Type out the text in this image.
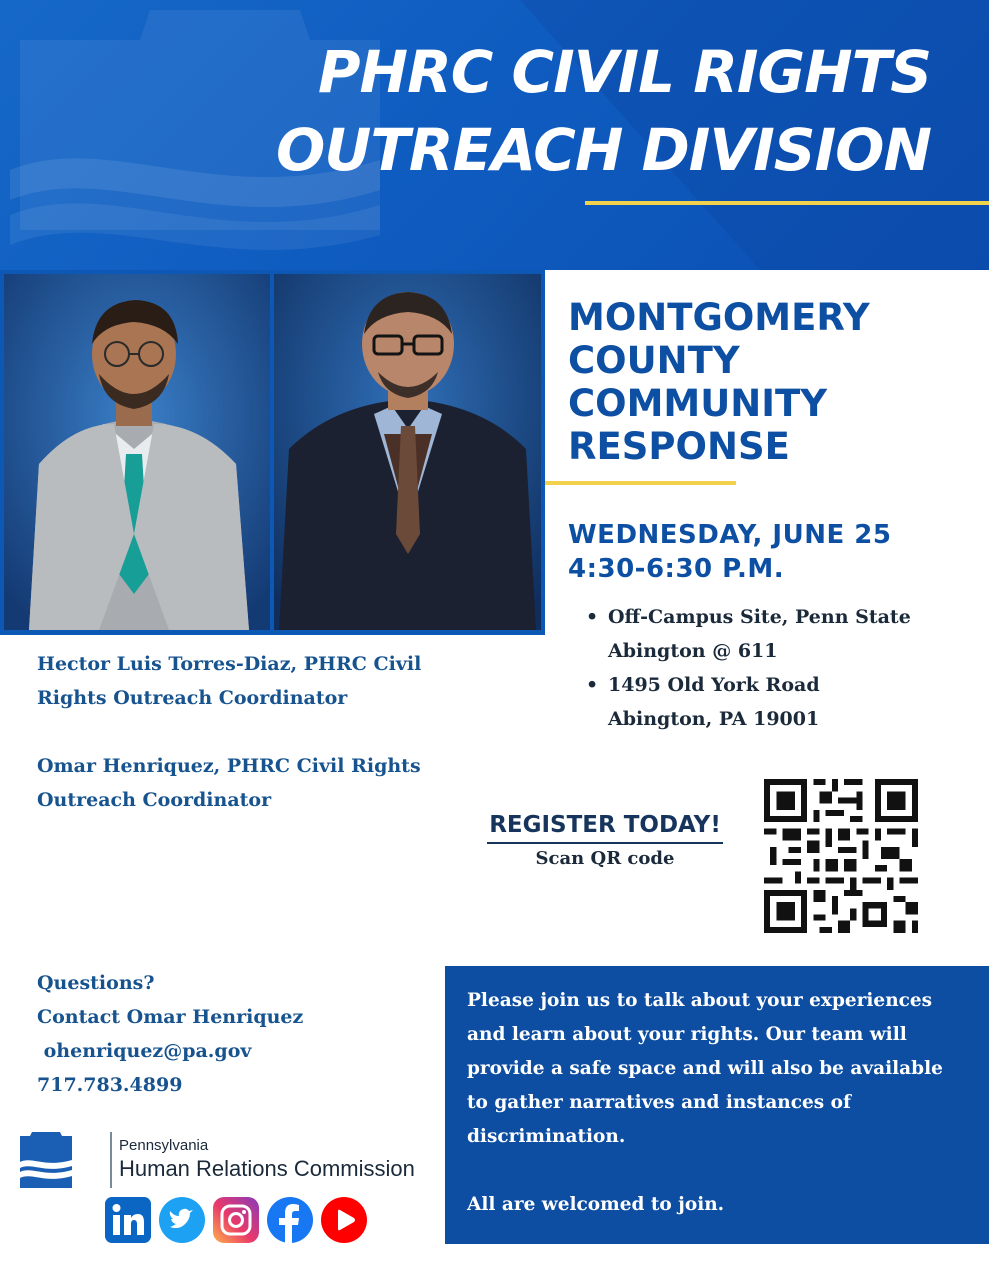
PHRC CIVIL RIGHTS
OUTREACH DIVISION
MONTGOMERY
COUNTY
COMMUNITY
RESPONSE
WEDNESDAY, JUNE 25
4:30-6:30 P.M.
• Off-Campus Site, Penn State
Abington @ 611
• 1495 Old York Road
Abington, PA 19001

Hector Luis Torres-Diaz, PHRC Civil
Rights Outreach Coordinator

Omar Henriquez, PHRC Civil Rights
Outreach Coordinator

REGISTER TODAY!
Scan QR code
Questions?
Contact Omar Henriquez
ohenriquez@pa.gov
717.783.4899
Pennsylvania
Human Relations Commission

Please join us to talk about your experiences and learn about your rights. Our team will provide a safe space and will also be available to gather narratives and instances of discrimination.

All are welcomed to join.
